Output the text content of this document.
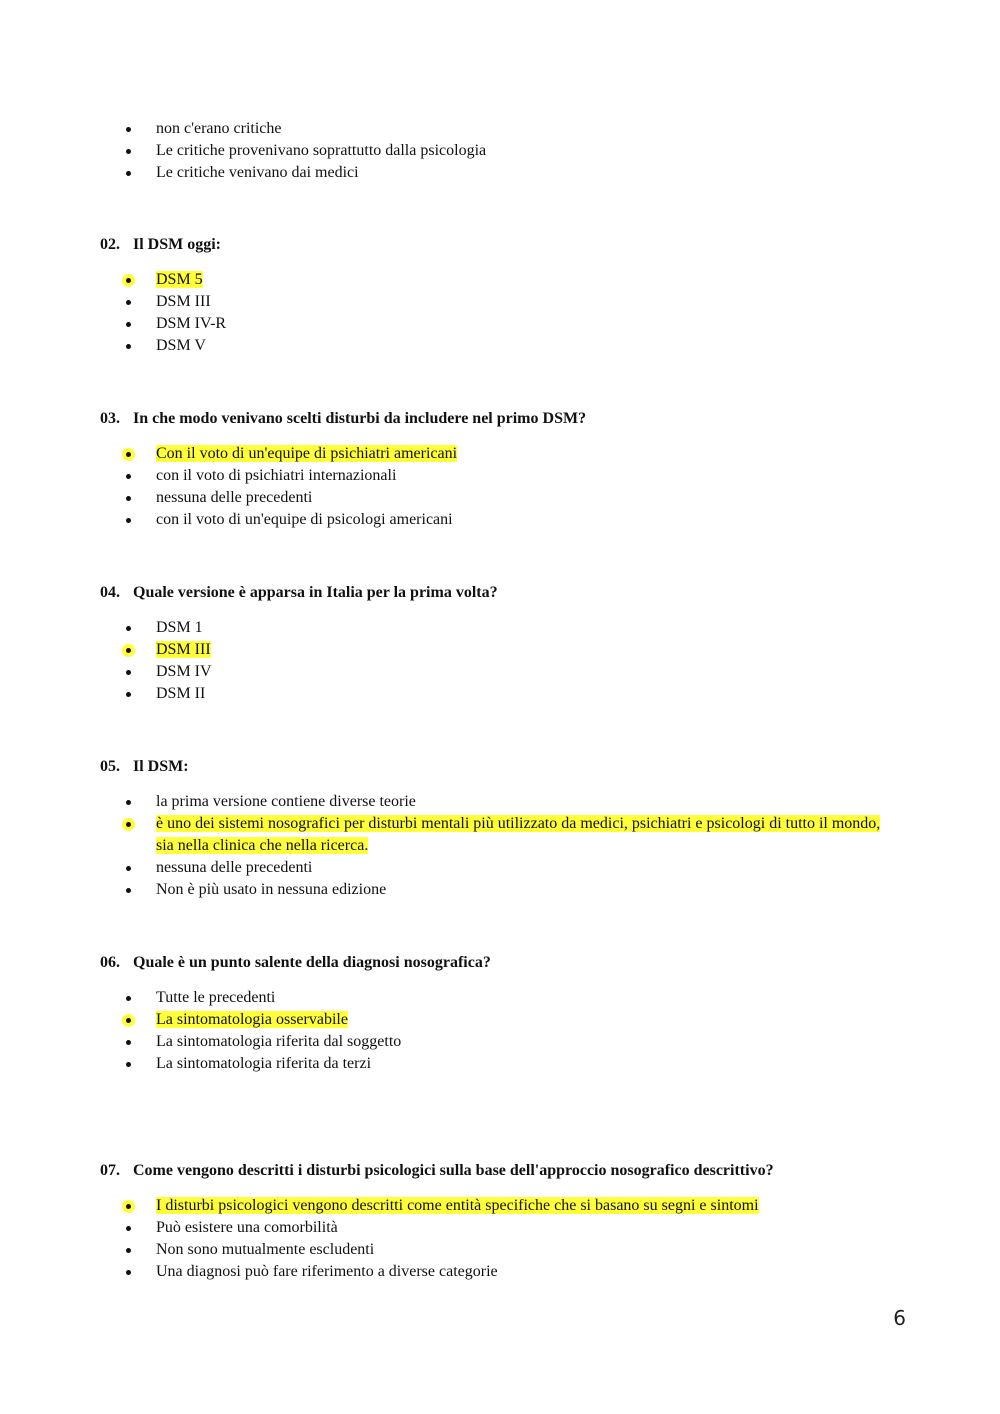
non c'erano critiche
Le critiche provenivano soprattutto dalla psicologia
Le critiche venivano dai medici

02. Il DSM oggi:

DSM 5
DSM III
DSM IV-R
DSM V

03. In che modo venivano scelti disturbi da includere nel primo DSM?

Con il voto di un'equipe di psichiatri americani
con il voto di psichiatri internazionali
nessuna delle precedenti
con il voto di un'equipe di psicologi americani

04. Quale versione è apparsa in Italia per la prima volta?

DSM 1
DSM III
DSM IV
DSM II

05. Il DSM:

la prima versione contiene diverse teorie
è uno dei sistemi nosografici per disturbi mentali più utilizzato da medici, psichiatri e psicologi di tutto il mondo, sia nella clinica che nella ricerca.
nessuna delle precedenti
Non è più usato in nessuna edizione

06. Quale è un punto salente della diagnosi nosografica?

Tutte le precedenti
La sintomatologia osservabile
La sintomatologia riferita dal soggetto
La sintomatologia riferita da terzi

07. Come vengono descritti i disturbi psicologici sulla base dell'approccio nosografico descrittivo?

I disturbi psicologici vengono descritti come entità specifiche che si basano su segni e sintomi
Può esistere una comorbilità
Non sono mutualmente escludenti
Una diagnosi può fare riferimento a diverse categorie
6
